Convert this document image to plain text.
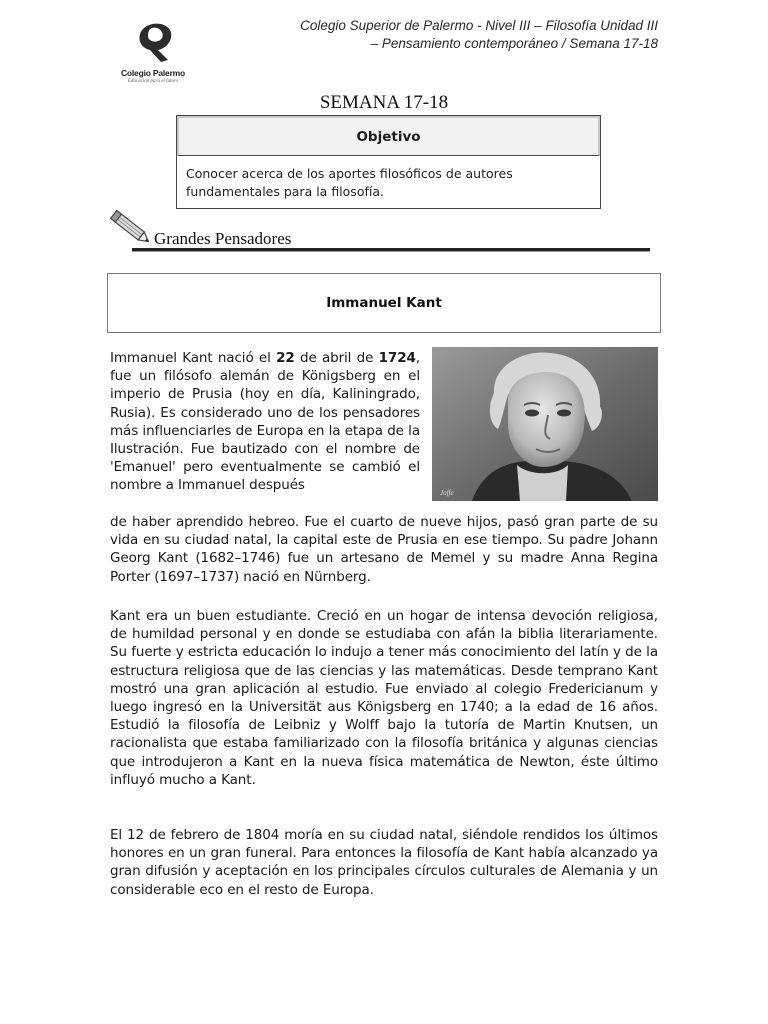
Colegio Palermo
Educación para el futuro
Colegio Superior de Palermo - Nivel III – Filosofía Unidad III
– Pensamiento contemporáneo / Semana 17-18
SEMANA 17-18
Objetivo
Conocer acerca de los aportes filosóficos de autores fundamentales para la filosofía.
Grandes Pensadores
Immanuel Kant
Joffe
Immanuel Kant nació el 22 de abril de 1724, fue un filósofo alemán de Königsberg en el imperio de Prusia (hoy en día, Kaliningrado, Rusia). Es considerado uno de los pensadores más influenciarles de Europa en la etapa de la Ilustración. Fue bautizado con el nombre de 'Emanuel' pero eventualmente se cambió el nombre a Immanuel después
de haber aprendido hebreo. Fue el cuarto de nueve hijos, pasó gran parte de su vida en su ciudad natal, la capital este de Prusia en ese tiempo. Su padre Johann Georg Kant (1682–1746) fue un artesano de Memel y su madre Anna Regina Porter (1697–1737) nació en Nürnberg.
Kant era un buen estudiante. Creció en un hogar de intensa devoción religiosa, de humildad personal y en donde se estudiaba con afán la biblia literariamente. Su fuerte y estricta educación lo indujo a tener más conocimiento del latín y de la estructura religiosa que de las ciencias y las matemáticas. Desde temprano Kant mostró una gran aplicación al estudio. Fue enviado al colegio Fredericianum y luego ingresó en la Universität aus Königsberg en 1740; a la edad de 16 años. Estudió la filosofía de Leibniz y Wolff bajo la tutoría de Martin Knutsen, un racionalista que estaba familiarizado con la filosofía británica y algunas ciencias que introdujeron a Kant en la nueva física matemática de Newton, éste último influyó mucho a Kant.
El 12 de febrero de 1804 moría en su ciudad natal, siéndole rendidos los últimos honores en un gran funeral. Para entonces la filosofía de Kant había alcanzado ya gran difusión y aceptación en los principales círculos culturales de Alemania y un considerable eco en el resto de Europa.
